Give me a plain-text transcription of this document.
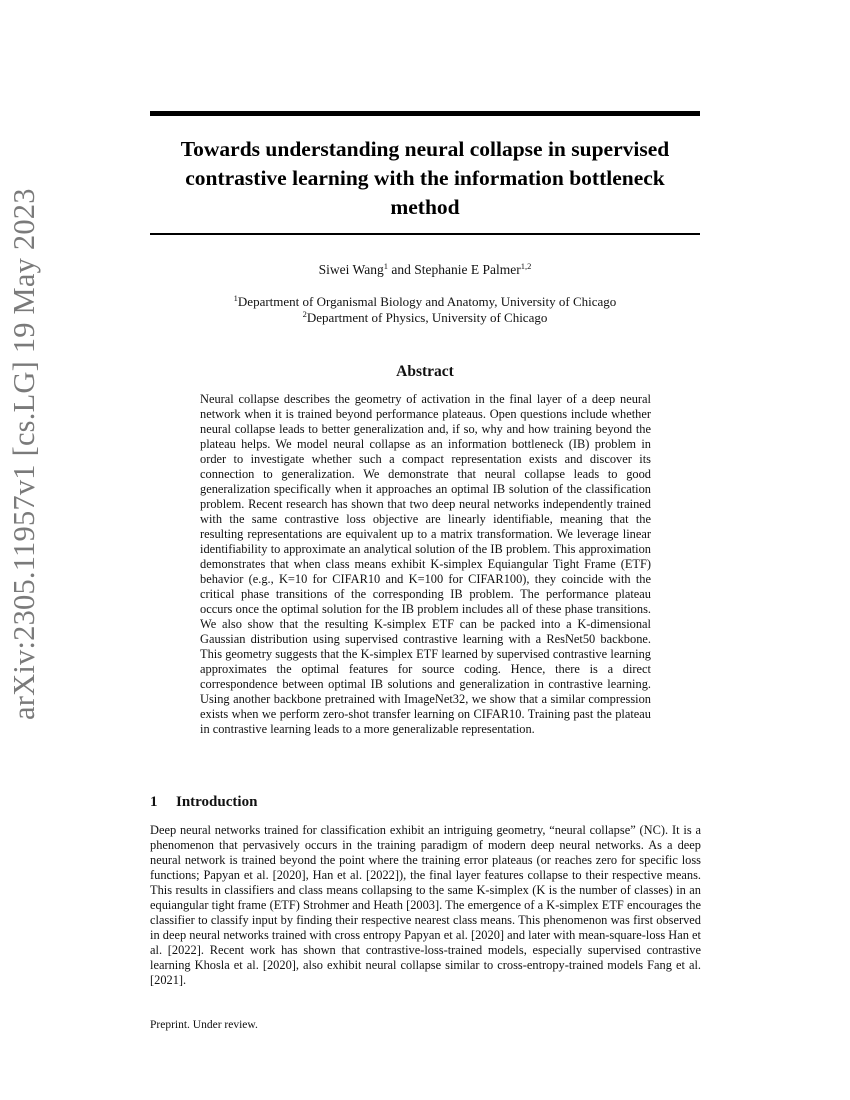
arXiv:2305.11957v1 [cs.LG] 19 May 2023
Towards understanding neural collapse in supervised contrastive learning with the information bottleneck method
Siwei Wang$^1$ and Stephanie E Palmer$^{1,2}$
$^1$Department of Organismal Biology and Anatomy, University of Chicago
$^2$Department of Physics, University of Chicago
Abstract

Neural collapse describes the geometry of activation in the final layer of a deep neural network when it is trained beyond performance plateaus. Open questions include whether neural collapse leads to better generalization and, if so, why and how training beyond the plateau helps. We model neural collapse as an information bottleneck (IB) problem in order to investigate whether such a compact representation exists and discover its connection to generalization. We demonstrate that neural collapse leads to good generalization specifically when it approaches an optimal IB solution of the classification problem. Recent research has shown that two deep neural networks independently trained with the same contrastive loss objective are linearly identifiable, meaning that the resulting representations are equivalent up to a matrix transformation. We leverage linear identifiability to approximate an analytical solution of the IB problem. This approximation demonstrates that when class means exhibit K-simplex Equiangular Tight Frame (ETF) behavior (e.g., K=10 for CIFAR10 and K=100 for CIFAR100), they coincide with the critical phase transitions of the corresponding IB problem. The performance plateau occurs once the optimal solution for the IB problem includes all of these phase transitions. We also show that the resulting K-simplex ETF can be packed into a K-dimensional Gaussian distribution using supervised contrastive learning with a ResNet50 backbone. This geometry suggests that the K-simplex ETF learned by supervised contrastive learning approximates the optimal features for source coding. Hence, there is a direct correspondence between optimal IB solutions and generalization in contrastive learning. Using another backbone pretrained with ImageNet32, we show that a similar compression exists when we perform zero-shot transfer learning on CIFAR10. Training past the plateau in contrastive learning leads to a more generalizable representation.

1 Introduction

Deep neural networks trained for classification exhibit an intriguing geometry, “neural collapse” (NC). It is a phenomenon that pervasively occurs in the training paradigm of modern deep neural networks. As a deep neural network is trained beyond the point where the training error plateaus (or reaches zero for specific loss functions; Papyan et al. [2020], Han et al. [2022]), the final layer features collapse to their respective means. This results in classifiers and class means collapsing to the same K-simplex (K is the number of classes) in an equiangular tight frame (ETF) Strohmer and Heath [2003]. The emergence of a K-simplex ETF encourages the classifier to classify input by finding their respective nearest class means. This phenomenon was first observed in deep neural networks trained with cross entropy Papyan et al. [2020] and later with mean-square-loss Han et al. [2022]. Recent work has shown that contrastive-loss-trained models, especially supervised contrastive learning Khosla et al. [2020], also exhibit neural collapse similar to cross-entropy-trained models Fang et al. [2021].

Preprint. Under review.
